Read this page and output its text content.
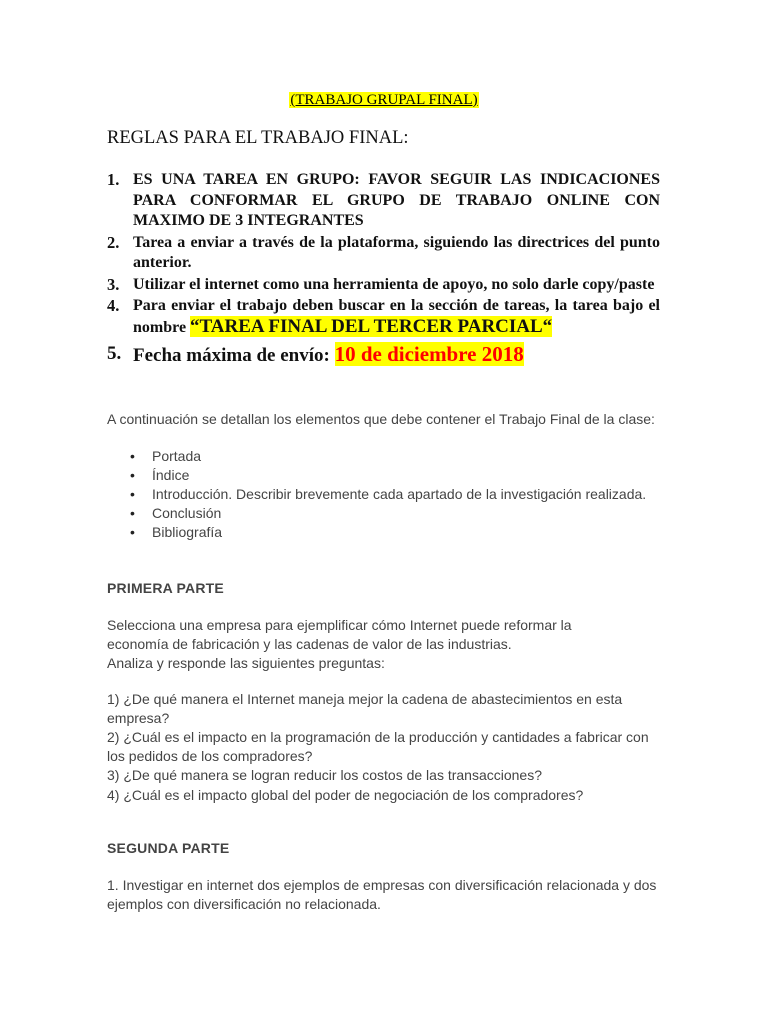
(TRABAJO GRUPAL FINAL)
REGLAS PARA EL TRABAJO FINAL:
1. ES UNA TAREA EN GRUPO: FAVOR SEGUIR LAS INDICACIONES PARA CONFORMAR EL GRUPO DE TRABAJO ONLINE CON MAXIMO DE 3 INTEGRANTES
2. Tarea a enviar a través de la plataforma, siguiendo las directrices del punto anterior.
3. Utilizar el internet como una herramienta de apoyo, no solo darle copy/paste
4. Para enviar el trabajo deben buscar en la sección de tareas, la tarea bajo el nombre “TAREA FINAL DEL TERCER PARCIAL“
5. Fecha máxima de envío: 10 de diciembre 2018
A continuación se detallan los elementos que debe contener el Trabajo Final de la clase:
• Portada
• Índice
• Introducción. Describir brevemente cada apartado de la investigación realizada.
• Conclusión
• Bibliografía
PRIMERA PARTE
Selecciona una empresa para ejemplificar cómo Internet puede reformar la economía de fabricación y las cadenas de valor de las industrias.
Analiza y responde las siguientes preguntas:
1) ¿De qué manera el Internet maneja mejor la cadena de abastecimientos en esta empresa?
2) ¿Cuál es el impacto en la programación de la producción y cantidades a fabricar con los pedidos de los compradores?
3) ¿De qué manera se logran reducir los costos de las transacciones?
4) ¿Cuál es el impacto global del poder de negociación de los compradores?
SEGUNDA PARTE
1. Investigar en internet dos ejemplos de empresas con diversificación relacionada y dos ejemplos con diversificación no relacionada.
